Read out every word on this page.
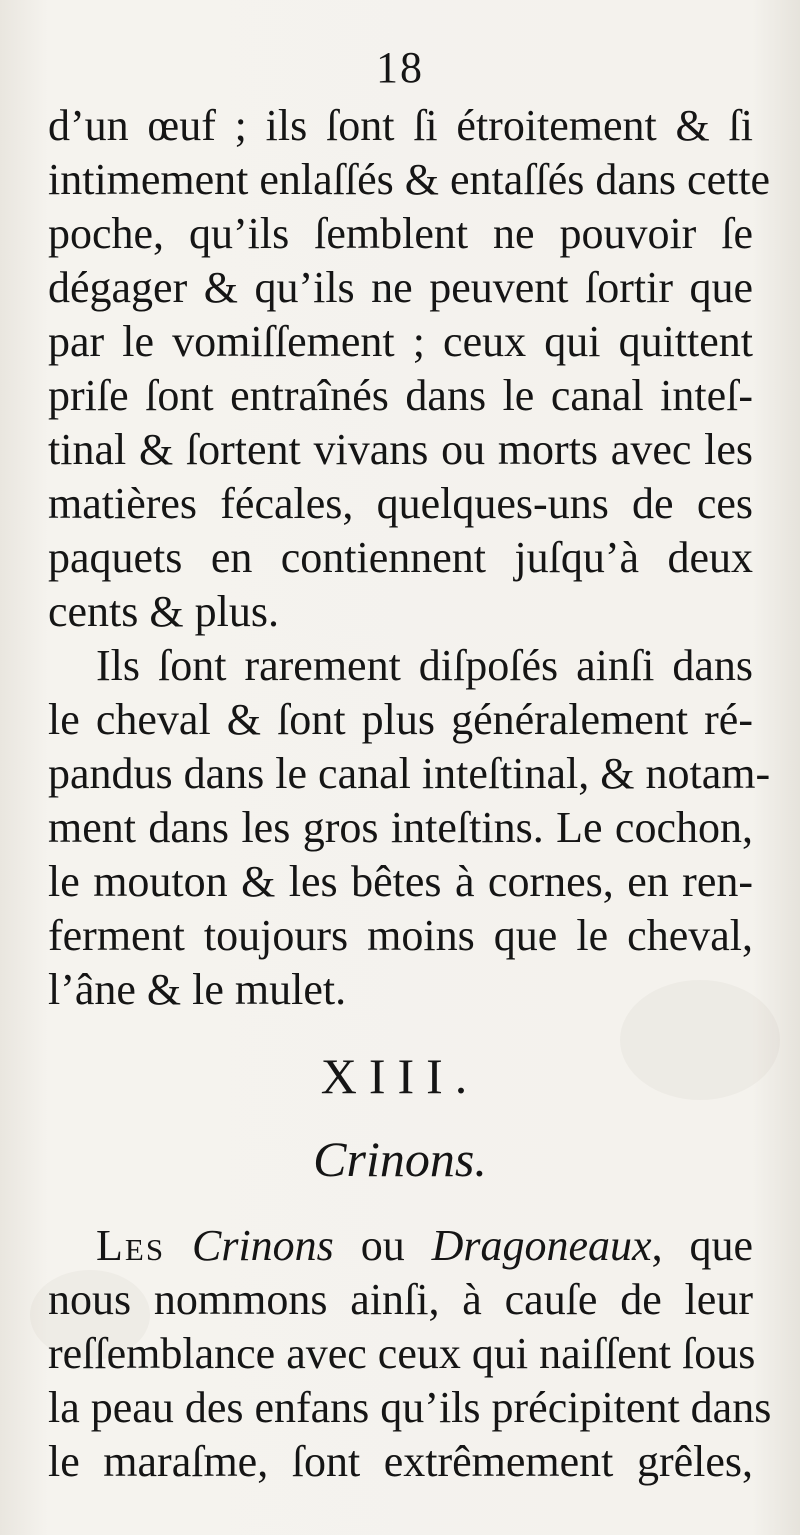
18
d’un œuf ; ils ſont ſi étroitement & ſi
intimement enlaſſés & entaſſés dans cette
poche, qu’ils ſemblent ne pouvoir ſe
dégager & qu’ils ne peuvent ſortir que
par le vomiſſement ; ceux qui quittent
priſe ſont entraînés dans le canal inteſ-
tinal & ſortent vivans ou morts avec les
matières fécales, quelques-uns de ces
paquets en contiennent juſqu’à deux
cents & plus.
Ils ſont rarement diſpoſés ainſi dans
le cheval & ſont plus généralement ré-
pandus dans le canal inteſtinal, & notam-
ment dans les gros inteſtins. Le cochon,
le mouton & les bêtes à cornes, en ren-
ferment toujours moins que le cheval,
l’âne & le mulet.
XIII.
Crinons.
Les Crinons ou Dragoneaux, que
nous nommons ainſi, à cauſe de leur
reſſemblance avec ceux qui naiſſent ſous
la peau des enfans qu’ils précipitent dans
le maraſme, ſont extrêmement grêles,
